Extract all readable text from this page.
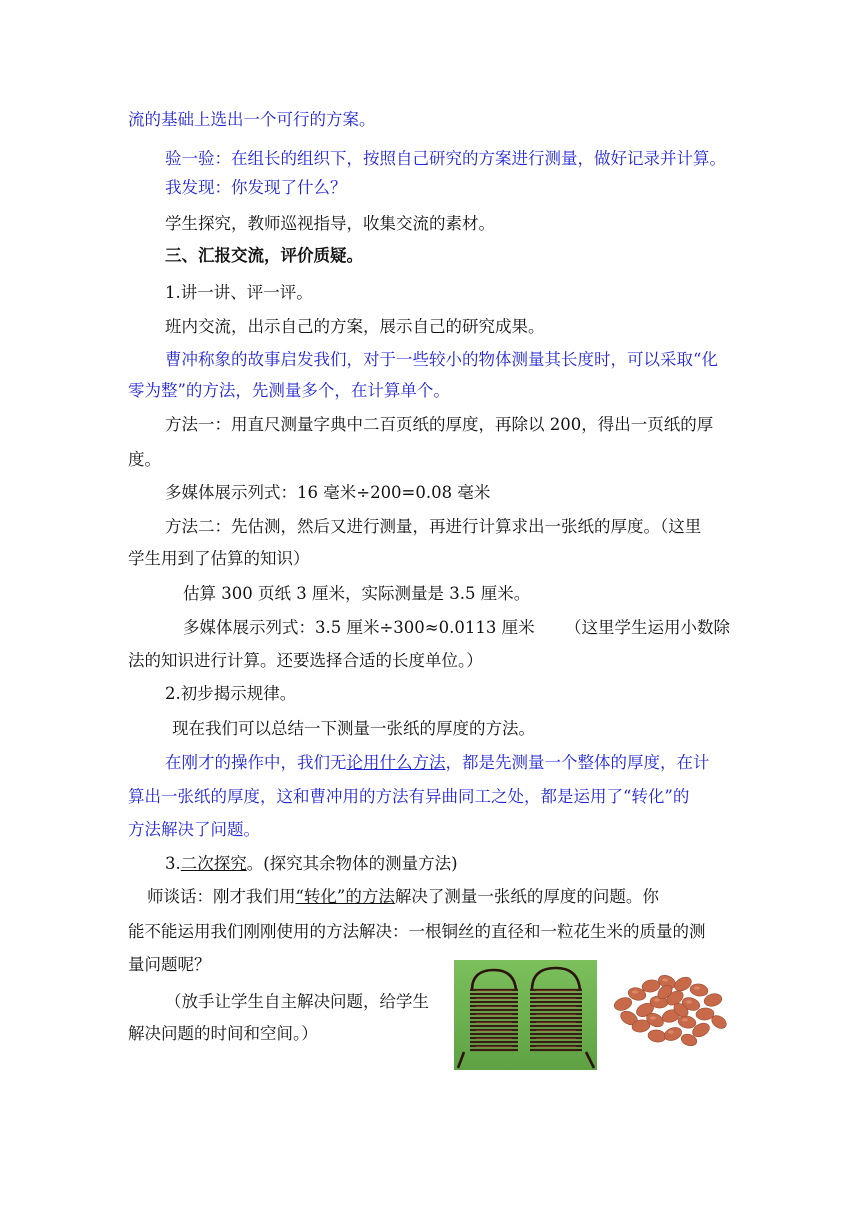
流的基础上选出一个可行的方案。
验一验：在组长的组织下，按照自己研究的方案进行测量，做好记录并计算。
我发现：你发现了什么？
学生探究，教师巡视指导，收集交流的素材。
三、汇报交流，评价质疑。
1.讲一讲、评一评。
班内交流，出示自己的方案，展示自己的研究成果。
曹冲称象的故事启发我们，对于一些较小的物体测量其长度时，可以采取“化
零为整”的方法，先测量多个，在计算单个。
方法一：用直尺测量字典中二百页纸的厚度，再除以 200，得出一页纸的厚
度。
多媒体展示列式：16 毫米÷200=0.08 毫米
方法二：先估测，然后又进行测量，再进行计算求出一张纸的厚度。（这里
学生用到了估算的知识）
估算 300 页纸 3 厘米，实际测量是 3.5 厘米。
多媒体展示列式：3.5 厘米÷300≈0.0113 厘米 （这里学生运用小数除
法的知识进行计算。还要选择合适的长度单位。）
2.初步揭示规律。
现在我们可以总结一下测量一张纸的厚度的方法。
在刚才的操作中，我们无论用什么方法，都是先测量一个整体的厚度，在计
算出一张纸的厚度，这和曹冲用的方法有异曲同工之处，都是运用了“转化”的
方法解决了问题。
3.二次探究。(探究其余物体的测量方法)
师谈话：刚才我们用“转化”的方法解决了测量一张纸的厚度的问题。你
能不能运用我们刚刚使用的方法解决：一根铜丝的直径和一粒花生米的质量的测
量问题呢？
（放手让学生自主解决问题，给学生
解决问题的时间和空间。）
